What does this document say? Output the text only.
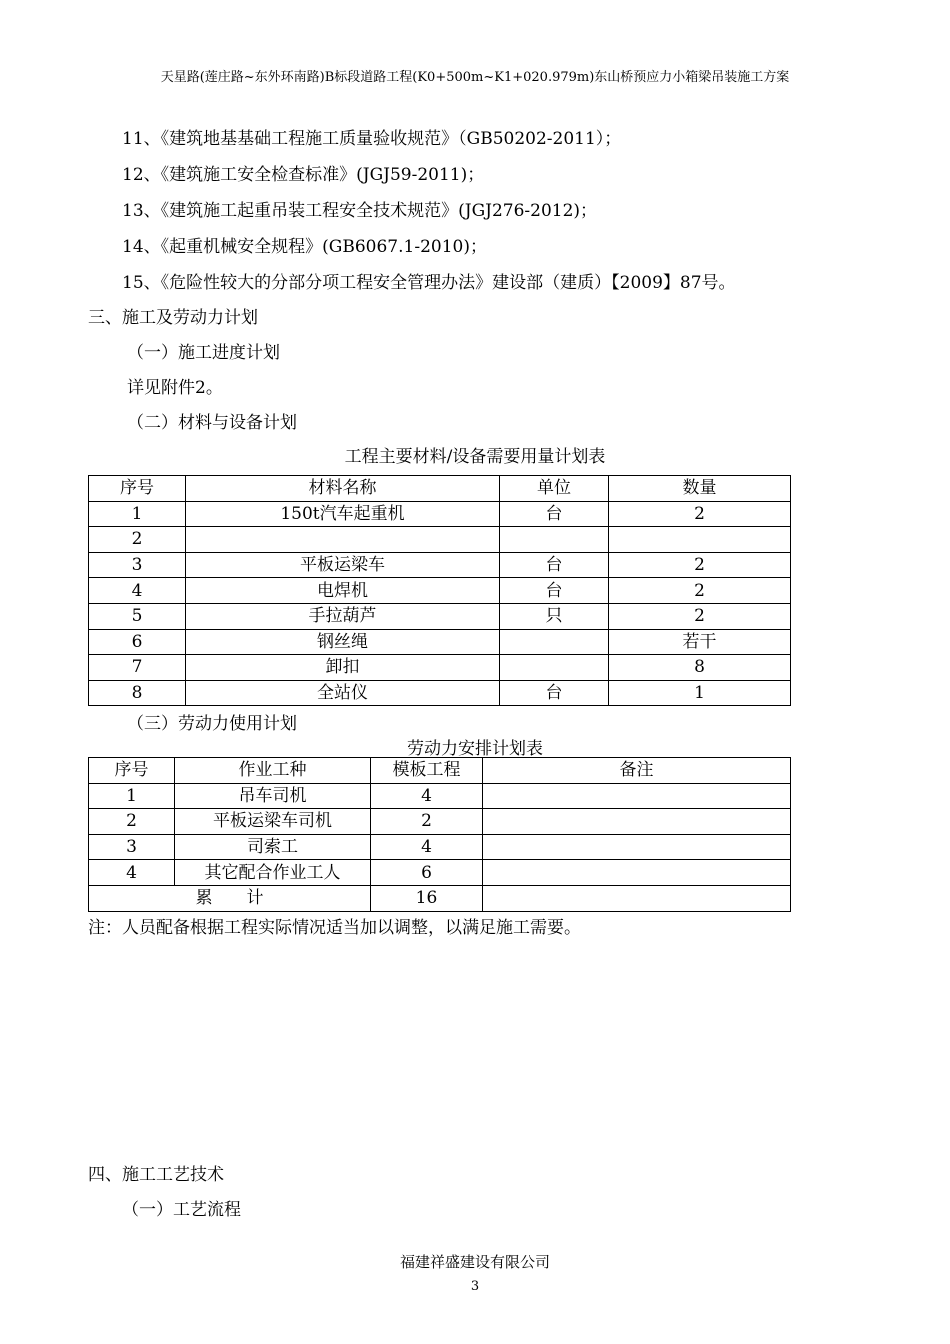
天星路(莲庄路~东外环南路)B标段道路工程(K0+500m~K1+020.979m)东山桥预应力小箱梁吊装施工方案
11、《建筑地基基础工程施工质量验收规范》（GB50202-2011）；
12、《建筑施工安全检查标准》(JGJ59-2011)；
13、《建筑施工起重吊装工程安全技术规范》(JGJ276-2012)；
14、《起重机械安全规程》(GB6067.1-2010)；
15、《危险性较大的分部分项工程安全管理办法》建设部（建质）【2009】87号。
三、施工及劳动力计划
（一）施工进度计划
详见附件2。
（二）材料与设备计划
工程主要材料/设备需要用量计划表
序号	材料名称	单位	数量
1	150t汽车起重机	台	2
2			
3	平板运梁车	台	2
4	电焊机	台	2
5	手拉葫芦	只	2
6	钢丝绳		若干
7	卸扣		8
8	全站仪	台	1
（三）劳动力使用计划
劳动力安排计划表
序号	作业工种	模板工程	备注
1	吊车司机	4	
2	平板运梁车司机	2	
3	司索工	4	
4	其它配合作业工人	6	
累　　计		16	
注：人员配备根据工程实际情况适当加以调整，以满足施工需要。
四、施工工艺技术
（一）工艺流程
福建祥盛建设有限公司
3
